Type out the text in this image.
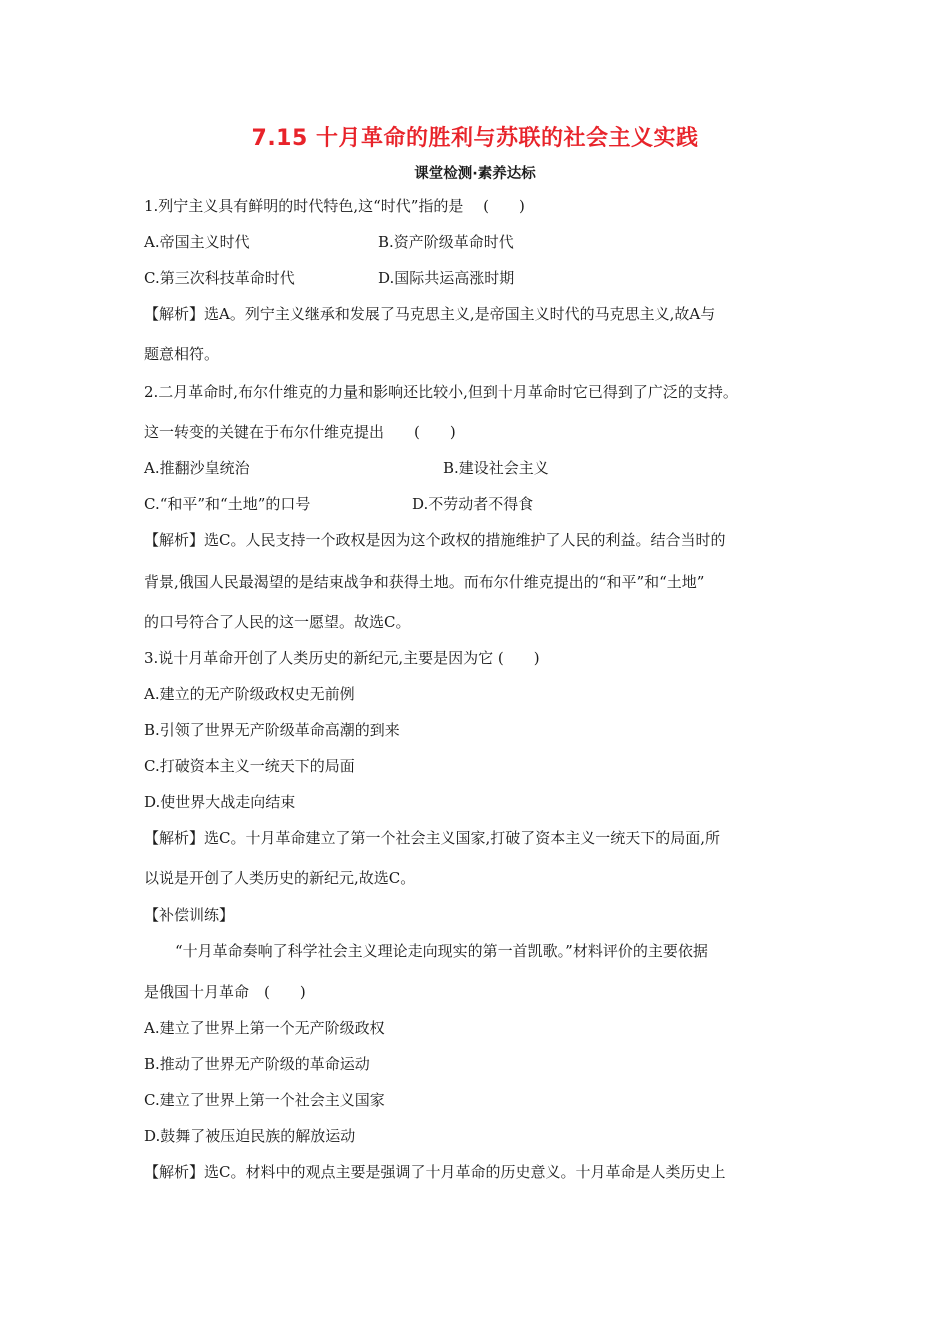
7.15 十月革命的胜利与苏联的社会主义实践
课堂检测·素养达标
1.列宁主义具有鲜明的时代特色,这“时代”指的是　 (　　)
A.帝国主义时代	B.资产阶级革命时代
C.第三次科技革命时代	D.国际共运高涨时期
【解析】选A。列宁主义继承和发展了马克思主义,是帝国主义时代的马克思主义,故A与
题意相符。
2.二月革命时,布尔什维克的力量和影响还比较小,但到十月革命时它已得到了广泛的支持。
这一转变的关键在于布尔什维克提出　　(　　)
A.推翻沙皇统治	B.建设社会主义
C.“和平”和“土地”的口号	D.不劳动者不得食
【解析】选C。人民支持一个政权是因为这个政权的措施维护了人民的利益。结合当时的
背景,俄国人民最渴望的是结束战争和获得土地。而布尔什维克提出的“和平”和“土地”
的口号符合了人民的这一愿望。故选C。
3.说十月革命开创了人类历史的新纪元,主要是因为它 (　　)
A.建立的无产阶级政权史无前例
B.引领了世界无产阶级革命高潮的到来
C.打破资本主义一统天下的局面
D.使世界大战走向结束
【解析】选C。十月革命建立了第一个社会主义国家,打破了资本主义一统天下的局面,所
以说是开创了人类历史的新纪元,故选C。
【补偿训练】
“十月革命奏响了科学社会主义理论走向现实的第一首凯歌。”材料评价的主要依据
是俄国十月革命　(　　)
A.建立了世界上第一个无产阶级政权
B.推动了世界无产阶级的革命运动
C.建立了世界上第一个社会主义国家
D.鼓舞了被压迫民族的解放运动
【解析】选C。材料中的观点主要是强调了十月革命的历史意义。十月革命是人类历史上
